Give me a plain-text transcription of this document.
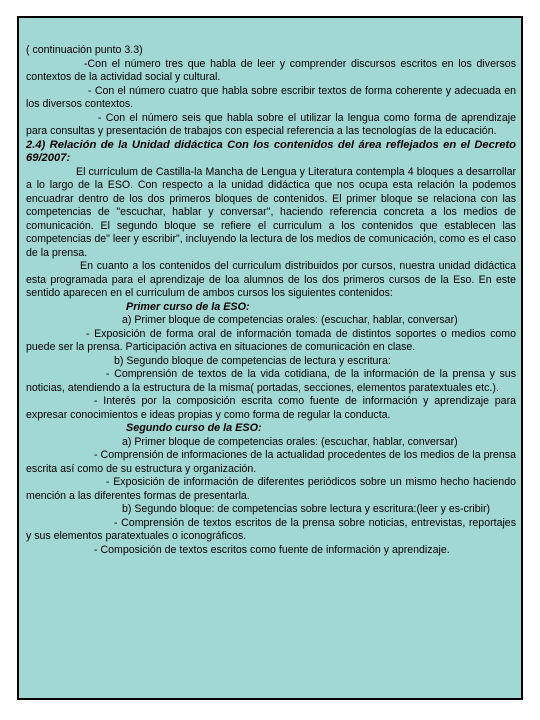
( continuación punto 3.3)

-Con el número tres que habla de leer y comprender discursos escritos en los diversos contextos de la actividad social y cultural.

- Con el número cuatro que habla sobre escribir textos de forma coherente y adecuada en los diversos contextos.

- Con el número seis que habla sobre el utilizar la lengua como forma de aprendizaje para consultas y presentación de trabajos con especial referencia a las tecnologías de la educación.

2.4) Relación de la Unidad didáctica Con los contenidos del área reflejados en el Decreto 69/2007:

El currículum de Castilla-la Mancha de Lengua y Literatura contempla 4 bloques a desarrollar a lo largo de la ESO. Con respecto a la unidad didáctica que nos ocupa esta relación la podemos encuadrar dentro de los dos primeros bloques de contenidos. El primer bloque se relaciona con las competencias de "escuchar, hablar y conversar", haciendo referencia concreta a los medios de comunicación. El segundo bloque se refiere el curriculum a los contenidos que establecen las competencias de" leer y escribir", incluyendo la lectura de los medios de comunicación, como es el caso de la prensa.

En cuanto a los contenidos del curriculum distribuidos por cursos, nuestra unidad didáctica esta programada para el aprendizaje de loa alumnos de los dos primeros cursos de la Eso. En este sentido aparecen en el curriculum de ambos cursos los siguientes contenidos:

Primer curso de la ESO:

a) Primer bloque de competencias orales: (escuchar, hablar, conversar)

- Exposición de forma oral de información tomada de distintos soportes o medios como puede ser la prensa. Participación activa en situaciones de comunicación en clase.

b) Segundo bloque de competencias de lectura y escritura:

- Comprensión de textos de la vida cotidiana, de la información de la prensa y sus noticias, atendiendo a la estructura de la misma( portadas, secciones, elementos paratextuales etc.).

- Interés por la composición escrita como fuente de información y aprendizaje para expresar conocimientos e ideas propias y como forma de regular la conducta.

Segundo curso de la ESO:

a) Primer bloque de competencias orales: (escuchar, hablar, conversar)

- Comprensión de informaciones de la actualidad procedentes de los medios de la prensa escrita así como de su estructura y organización.

- Exposición de información de diferentes periódicos sobre un mismo hecho haciendo mención a las diferentes formas de presentarla.

b) Segundo bloque: de competencias sobre lectura y escritura:(leer y es-cribir)

- Comprensión de textos escritos de la prensa sobre noticias, entrevistas, reportajes y sus elementos paratextuales o iconográficos.

- Composición de textos escritos como fuente de información y aprendizaje.
